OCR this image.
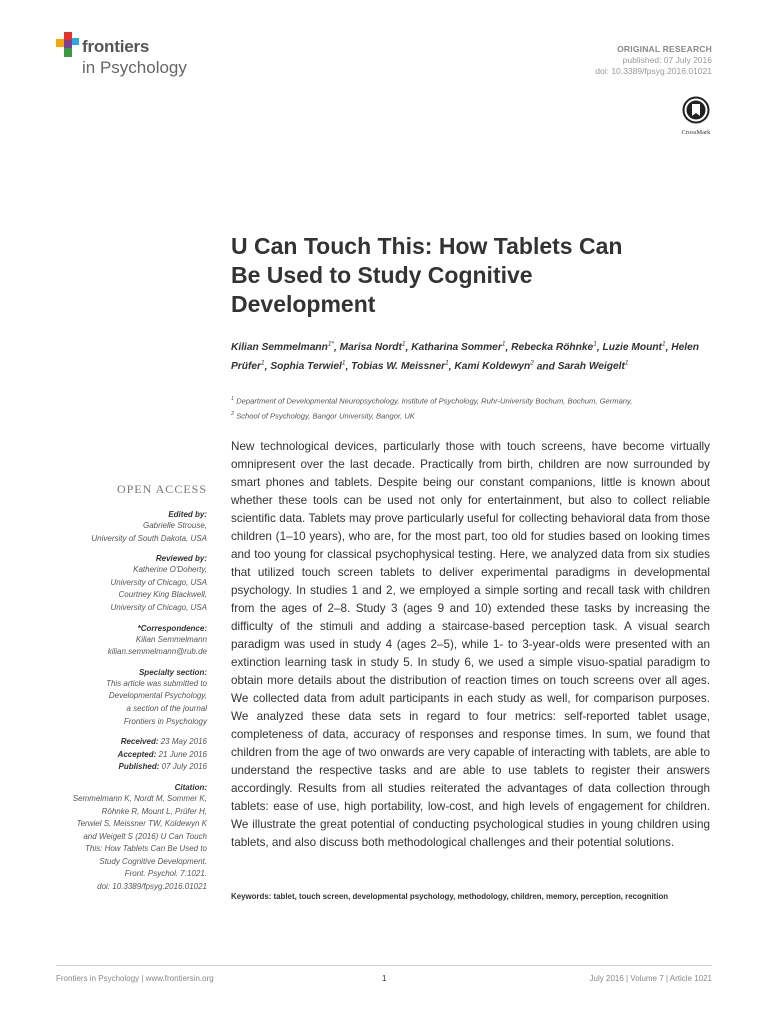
frontiers
in Psychology
ORIGINAL RESEARCH
published: 07 July 2016
doi: 10.3389/fpsyg.2016.01021
CrossMark
U Can Touch This: How Tablets Can
Be Used to Study Cognitive
Development
Kilian Semmelmann$^{1*}$, Marisa Nordt$^1$, Katharina Sommer$^1$, Rebecka Röhnke$^1$, Luzie Mount$^1$, Helen Prüfer$^1$, Sophia Terwiel$^1$, Tobias W. Meissner$^1$, Kami Koldewyn$^2$ and Sarah Weigelt$^1$
$^1$ Department of Developmental Neuropsychology, Institute of Psychology, Ruhr-University Bochum, Bochum, Germany,
$^2$ School of Psychology, Bangor University, Bangor, UK
New technological devices, particularly those with touch screens, have become virtually omnipresent over the last decade. Practically from birth, children are now surrounded by smart phones and tablets. Despite being our constant companions, little is known about whether these tools can be used not only for entertainment, but also to collect reliable scientific data. Tablets may prove particularly useful for collecting behavioral data from those children (1–10 years), who are, for the most part, too old for studies based on looking times and too young for classical psychophysical testing. Here, we analyzed data from six studies that utilized touch screen tablets to deliver experimental paradigms in developmental psychology. In studies 1 and 2, we employed a simple sorting and recall task with children from the ages of 2–8. Study 3 (ages 9 and 10) extended these tasks by increasing the difficulty of the stimuli and adding a staircase-based perception task. A visual search paradigm was used in study 4 (ages 2–5), while 1- to 3-year-olds were presented with an extinction learning task in study 5. In study 6, we used a simple visuo-spatial paradigm to obtain more details about the distribution of reaction times on touch screens over all ages. We collected data from adult participants in each study as well, for comparison purposes. We analyzed these data sets in regard to four metrics: self-reported tablet usage, completeness of data, accuracy of responses and response times. In sum, we found that children from the age of two onwards are very capable of interacting with tablets, are able to understand the respective tasks and are able to use tablets to register their answers accordingly. Results from all studies reiterated the advantages of data collection through tablets: ease of use, high portability, low-cost, and high levels of engagement for children. We illustrate the great potential of conducting psychological studies in young children using tablets, and also discuss both methodological challenges and their potential solutions.
Keywords: tablet, touch screen, developmental psychology, methodology, children, memory, perception, recognition
OPEN ACCESS
Edited by:
Gabrielle Strouse,
University of South Dakota, USA
Reviewed by:
Katherine O'Doherty,
University of Chicago, USA
Courtney King Blackwell,
University of Chicago, USA
*Correspondence:
Kilian Semmelmann
kilian.semmelmann@rub.de
Specialty section:
This article was submitted to
Developmental Psychology,
a section of the journal
Frontiers in Psychology
Received: 23 May 2016
Accepted: 21 June 2016
Published: 07 July 2016
Citation:
Semmelmann K, Nordt M, Sommer K,
Röhnke R, Mount L, Prüfer H,
Terwiel S, Meissner TW, Koldewyn K
and Weigelt S (2016) U Can Touch
This: How Tablets Can Be Used to
Study Cognitive Development.
Front. Psychol. 7:1021.
doi: 10.3389/fpsyg.2016.01021
Frontiers in Psychology | www.frontiersin.org	1	July 2016 | Volume 7 | Article 1021
